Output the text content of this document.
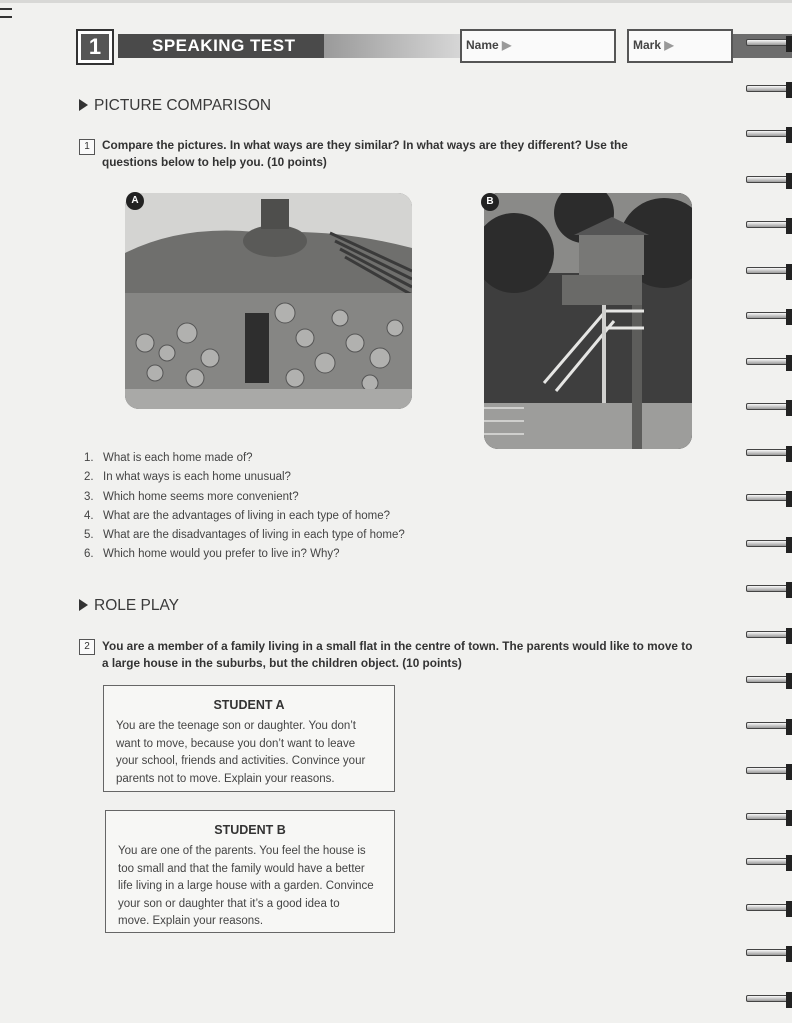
1	SPEAKING TEST	Name ▶	Mark ▶
PICTURE COMPARISON
1	Compare the pictures. In what ways are they similar? In what ways are they different? Use the
questions below to help you. (10 points)
A	B
1. What is each home made of?
2. In what ways is each home unusual?
3. Which home seems more convenient?
4. What are the advantages of living in each type of home?
5. What are the disadvantages of living in each type of home?
6. Which home would you prefer to live in? Why?
ROLE PLAY
2	You are a member of a family living in a small flat in the centre of town. The parents would like to move to
a large house in the suburbs, but the children object. (10 points)
STUDENT A
You are the teenage son or daughter. You don’t
want to move, because you don’t want to leave
your school, friends and activities. Convince your
parents not to move. Explain your reasons.
STUDENT B
You are one of the parents. You feel the house is
too small and that the family would have a better
life living in a large house with a garden. Convince
your son or daughter that it’s a good idea to
move. Explain your reasons.
